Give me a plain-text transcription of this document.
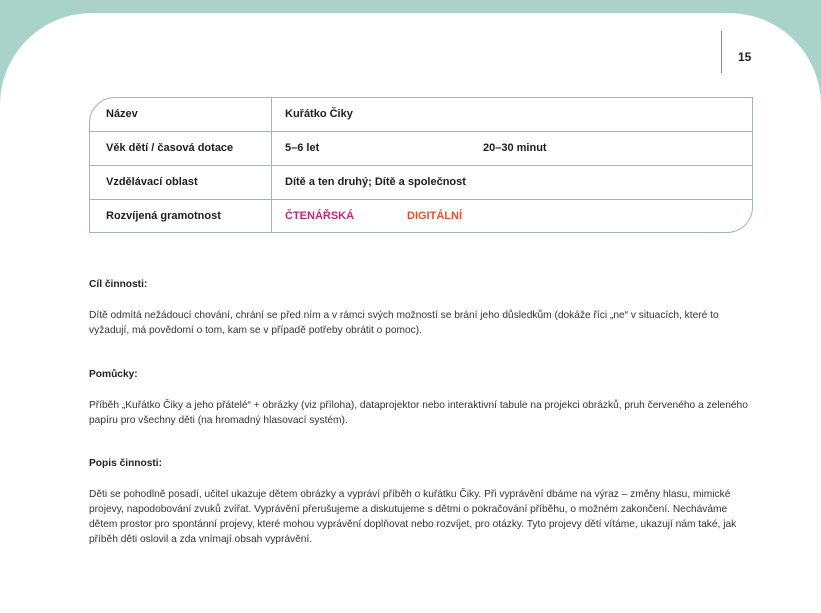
15
Název	Kuřátko Čiky
Věk dětí / časová dotace	5–6 let	20–30 minut
Vzdělávací oblast	Dítě a ten druhý; Dítě a společnost
Rozvíjená gramotnost	ČTENÁŘSKÁ	DIGITÁLNÍ
Cíl činnosti:
Dítě odmítá nežádoucí chování, chrání se před ním a v rámci svých možností se brání jeho důsledkům (dokáže říci „ne“ v situacích, které to vyžadují, má povědomí o tom, kam se v případě potřeby obrátit o pomoc).
Pomůcky:
Příběh „Kuřátko Čiky a jeho přátelé“ + obrázky (viz příloha), dataprojektor nebo interaktivní tabule na projekci obrázků, pruh červeného a zeleného papíru pro všechny děti (na hromadný hlasovací systém).
Popis činnosti:
Děti se pohodlně posadí, učitel ukazuje dětem obrázky a vypráví příběh o kuřátku Čiky. Při vyprávění dbáme na výraz – změny hlasu, mimické projevy, napodobování zvuků zvířat. Vyprávění přerušujeme a diskutujeme s dětmi o pokračování příběhu, o možném zakončení. Necháváme dětem prostor pro spontánní projevy, které mohou vyprávění doplňovat nebo rozvíjet, pro otázky. Tyto projevy dětí vítáme, ukazují nám také, jak příběh děti oslovil a zda vnímají obsah vyprávění.
